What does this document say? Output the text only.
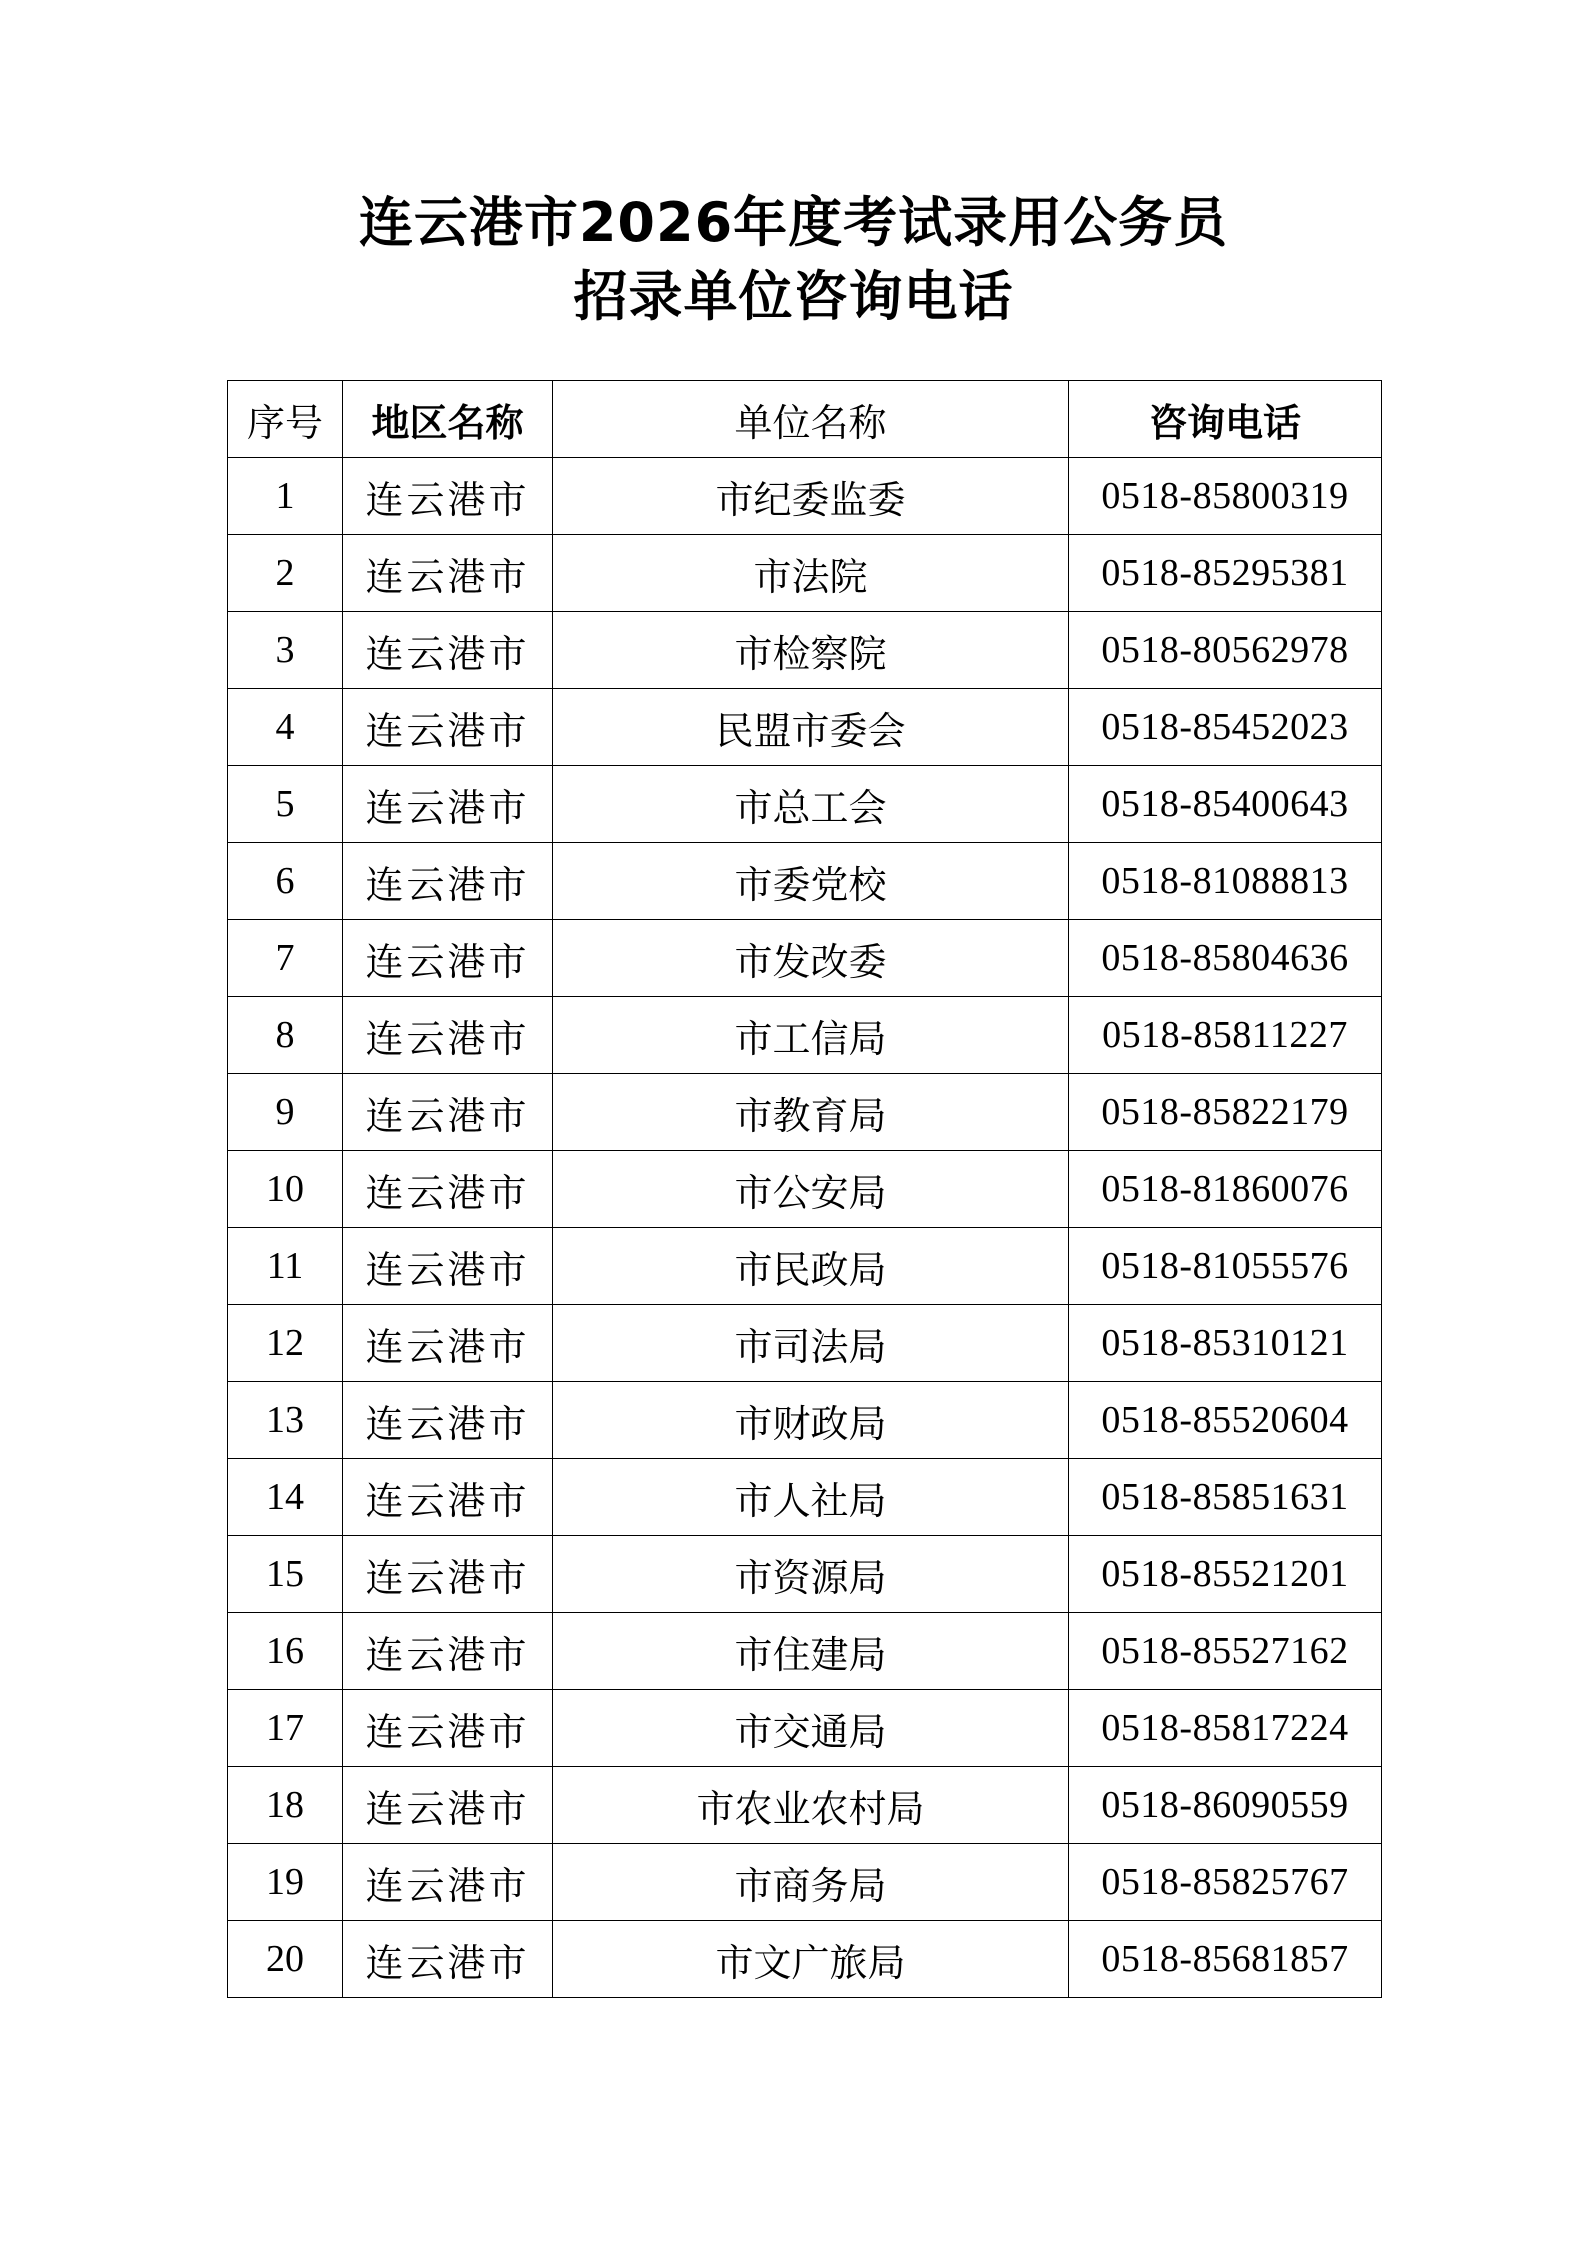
连云港市2026年度考试录用公务员
招录单位咨询电话
序号	地区名称	单位名称	咨询电话
1	连云港市	市纪委监委	0518-85800319
2	连云港市	市法院	0518-85295381
3	连云港市	市检察院	0518-80562978
4	连云港市	民盟市委会	0518-85452023
5	连云港市	市总工会	0518-85400643
6	连云港市	市委党校	0518-81088813
7	连云港市	市发改委	0518-85804636
8	连云港市	市工信局	0518-85811227
9	连云港市	市教育局	0518-85822179
10	连云港市	市公安局	0518-81860076
11	连云港市	市民政局	0518-81055576
12	连云港市	市司法局	0518-85310121
13	连云港市	市财政局	0518-85520604
14	连云港市	市人社局	0518-85851631
15	连云港市	市资源局	0518-85521201
16	连云港市	市住建局	0518-85527162
17	连云港市	市交通局	0518-85817224
18	连云港市	市农业农村局	0518-86090559
19	连云港市	市商务局	0518-85825767
20	连云港市	市文广旅局	0518-85681857
